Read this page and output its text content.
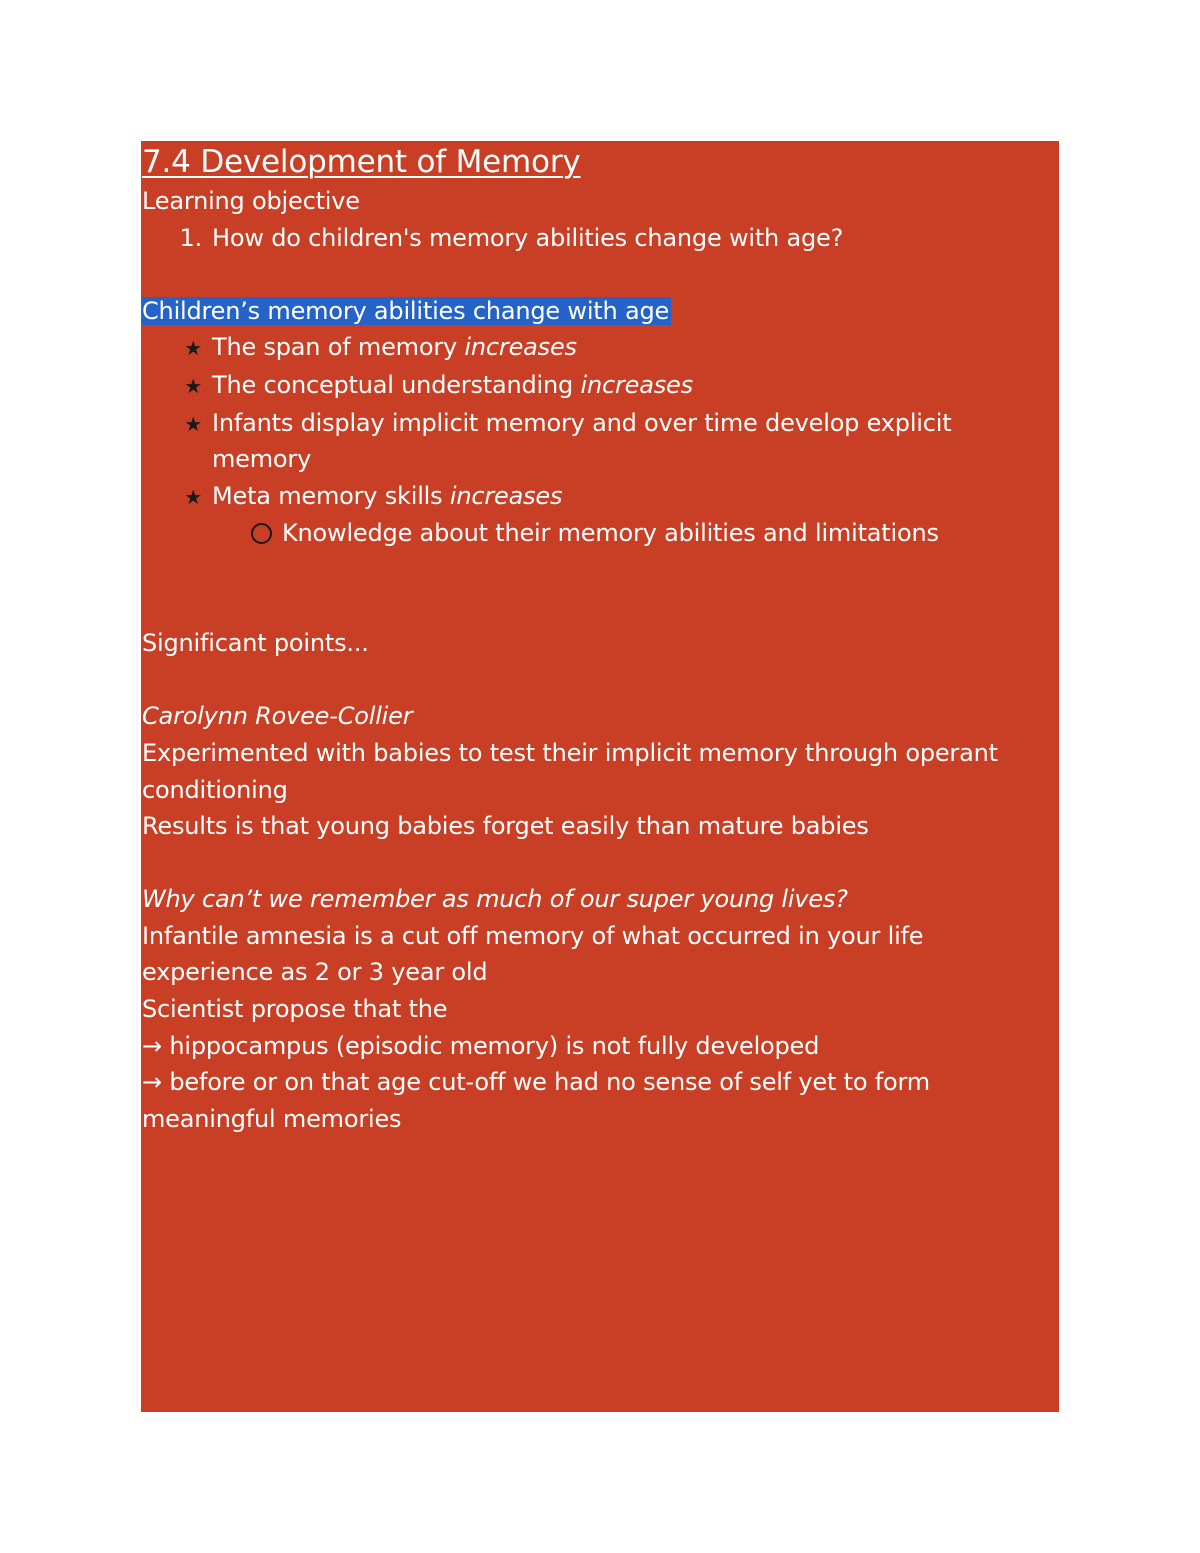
7.4 Development of Memory
Learning objective
1. How do children's memory abilities change with age?
Children’s memory abilities change with age
★ The span of memory increases
★ The conceptual understanding increases
★ Infants display implicit memory and over time develop explicit memory
★ Meta memory skills increases
Knowledge about their memory abilities and limitations
Significant points...
Carolynn Rovee-Collier
Experimented with babies to test their implicit memory through operant conditioning
Results is that young babies forget easily than mature babies
Why can’t we remember as much of our super young lives?
Infantile amnesia is a cut off memory of what occurred in your life experience as 2 or 3 year old
Scientist propose that the
→ hippocampus (episodic memory) is not fully developed
→ before or on that age cut-off we had no sense of self yet to form meaningful memories
